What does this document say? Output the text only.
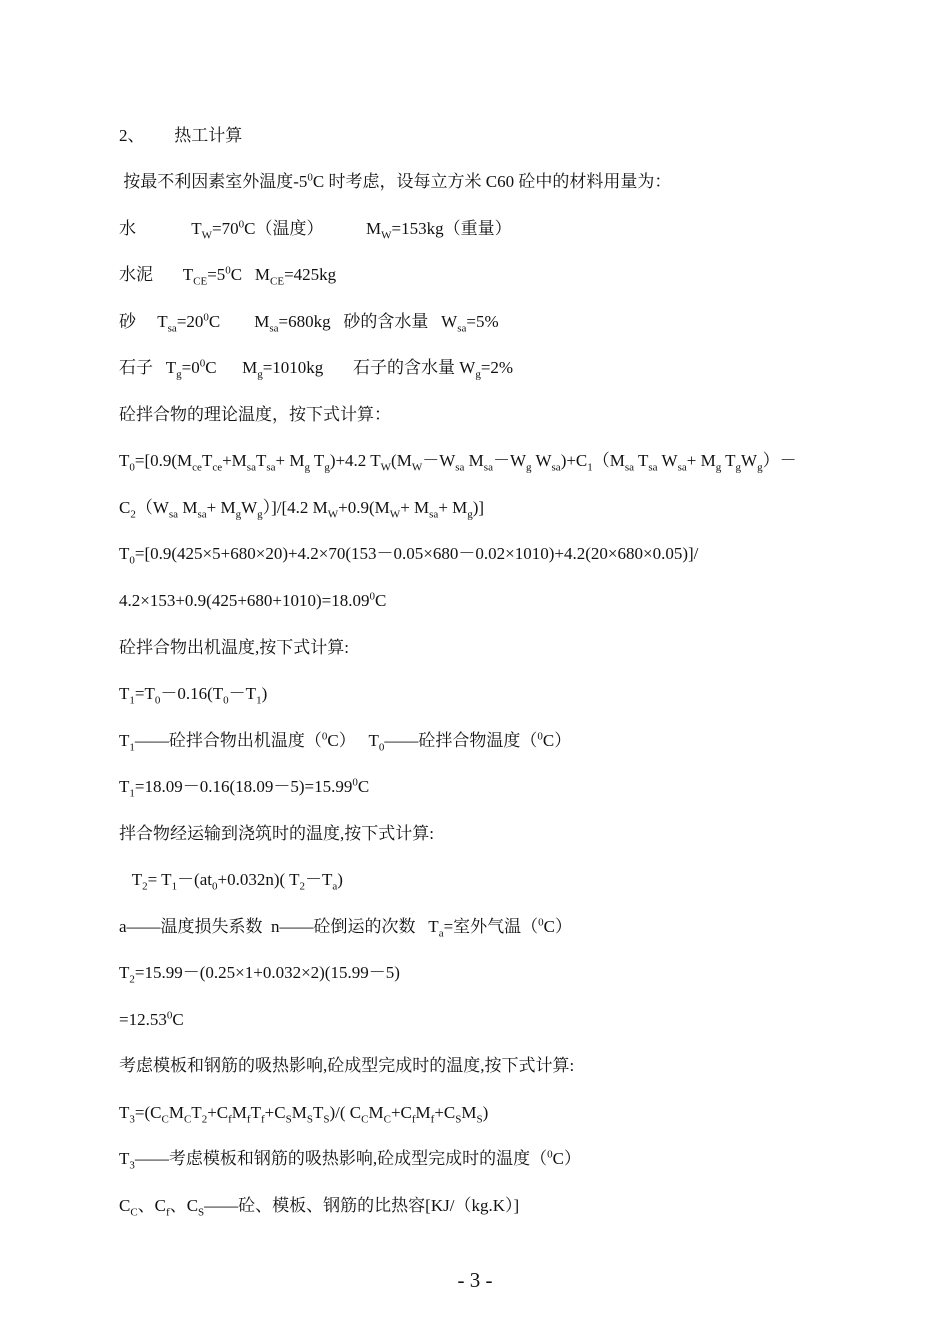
2、       热工计算
按最不利因素室外温度$-5^0C$ 时考虑，设每立方米 C60 砼中的材料用量为：
水             $T_W=70^0C$（温度）          $M_W=153kg$（重量）
水泥       $T_{CE}=5^0C$   $M_{CE}=425kg$
砂     $T_{sa}=20^0C$        $M_{sa}=680kg$   砂的含水量   $W_{sa}=5\%$
石子   $T_g=0^0C$      $M_g=1010kg$       石子的含水量 $W_g=2\%$
砼拌合物的理论温度，按下式计算：
$T_0=[0.9(M_{ce}T_{ce}+M_{sa}T_{sa}+ M_g$ $T_g)+4.2$ $T_W(M_W-W_{sa}$ $M_{sa}-W_g$ $W_{sa})+C_1(M_{sa}$ $T_{sa}$ $W_{sa}+ M_g$ $T_gW_g)-$
$C_2(W_{sa}$ $M_{sa}+ M_gW_g)]/[4.2$ $M_W+0.9(M_W+ M_{sa}+ M_g)$]
$T_0=[0.9(425\times 5+680\times 20)+4.2\times 70(153-0.05\times 680-0.02\times 1010)+4.2(20\times 680\times 0.05)]/$
$4.2\times 153+0.9(425+680+1010)=18.09^0C$
砼拌合物出机温度,按下式计算:
$T_1=T_0-0.16(T_0-T_1)$
$T_1——$砼拌合物出机温度（$^0$C）   $T_0——$砼拌合物温度（$^0$C）
$T_1=18.09-0.16(18.09-5)=15.99^0C$
拌合物经运输到浇筑时的温度,按下式计算:
$T_2= T_1-(at_0+0.032n)$( $T_2-T_a$)
a——温度损失系数  n——砼倒运的次数   $T_a=$室外气温（$^0$C）
$T_2=15.99-(0.25\times 1+0.032\times 2)(15.99-5)$
$=12.53^0C$
考虑模板和钢筋的吸热影响,砼成型完成时的温度,按下式计算:
$T_3=(C_CM_CT_2+C_fM_fT_f+C_SM_ST_S)/$( $C_CM_C+C_fM_f+C_SM_S$)
$T_3——$考虑模板和钢筋的吸热影响,砼成型完成时的温度（$^0$C）
$C_C$、$C_f$、$C_S——$砼、模板、钢筋的比热容[KJ/（kg.K）]
- 3 -
